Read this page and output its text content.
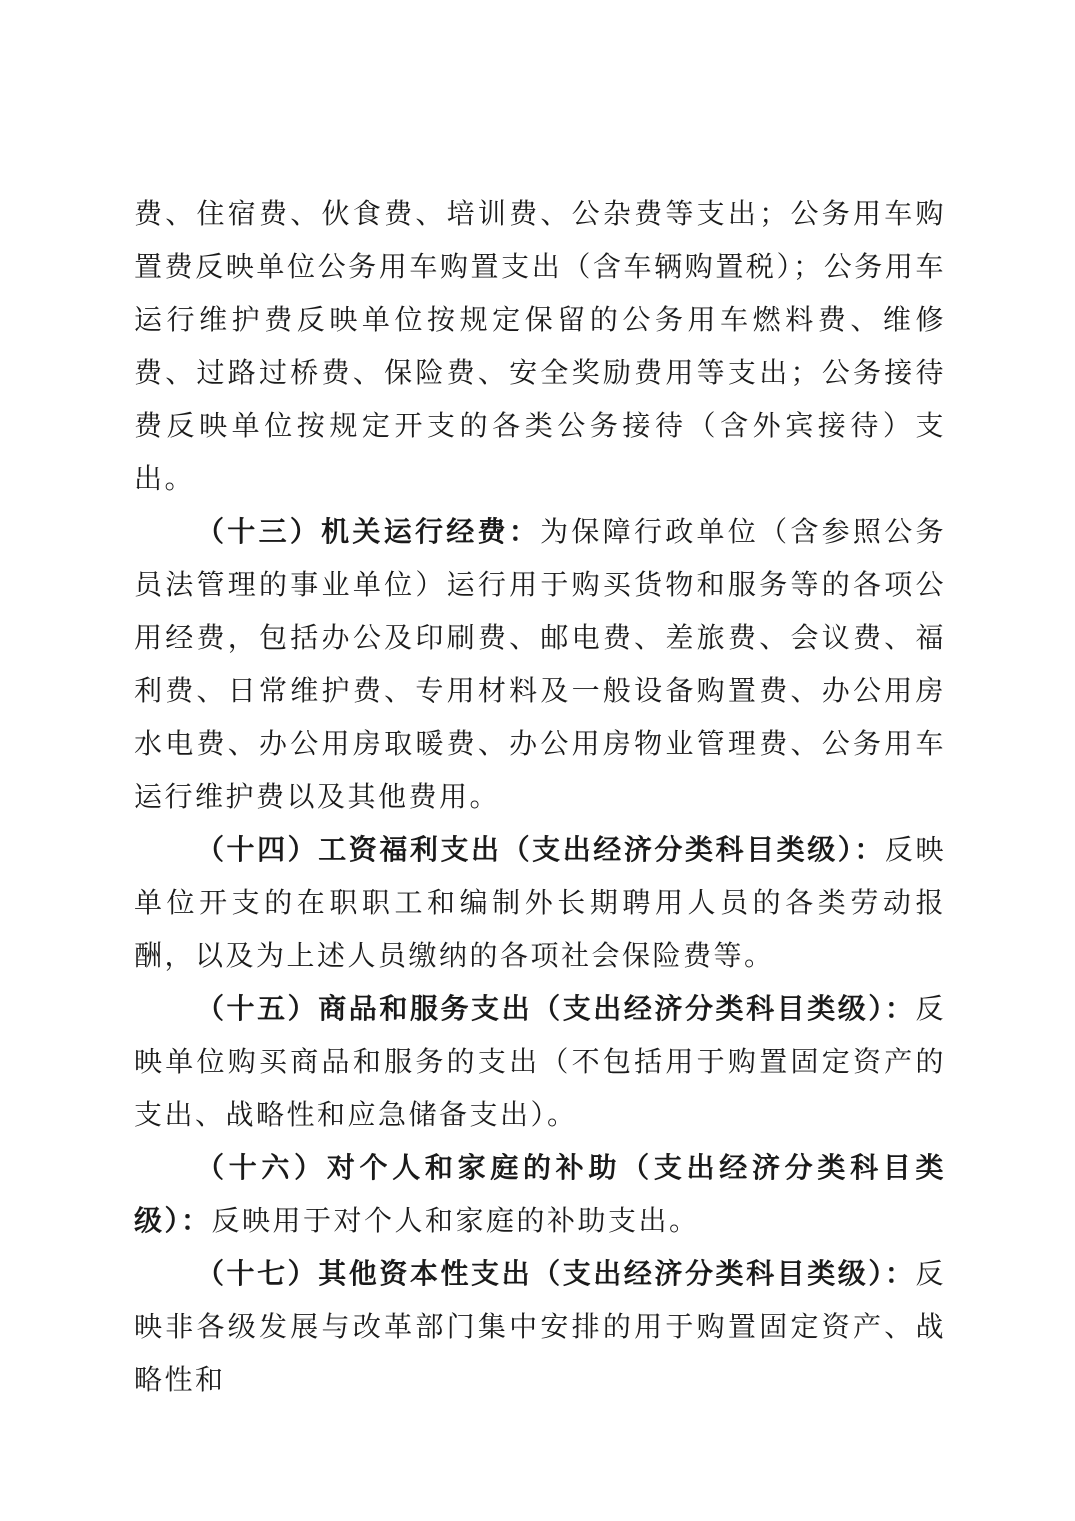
费、住宿费、伙食费、培训费、公杂费等支出；公务用车购置费反映单位公务用车购置支出（含车辆购置税）；公务用车运行维护费反映单位按规定保留的公务用车燃料费、维修费、过路过桥费、保险费、安全奖励费用等支出；公务接待费反映单位按规定开支的各类公务接待（含外宾接待）支出。

（十三）机关运行经费：为保障行政单位（含参照公务员法管理的事业单位）运行用于购买货物和服务等的各项公用经费，包括办公及印刷费、邮电费、差旅费、会议费、福利费、日常维护费、专用材料及一般设备购置费、办公用房水电费、办公用房取暖费、办公用房物业管理费、公务用车运行维护费以及其他费用。

（十四）工资福利支出（支出经济分类科目类级）：反映单位开支的在职职工和编制外长期聘用人员的各类劳动报酬，以及为上述人员缴纳的各项社会保险费等。

（十五）商品和服务支出（支出经济分类科目类级）：反映单位购买商品和服务的支出（不包括用于购置固定资产的支出、战略性和应急储备支出）。

（十六）对个人和家庭的补助（支出经济分类科目类级）：反映用于对个人和家庭的补助支出。

（十七）其他资本性支出（支出经济分类科目类级）：反映非各级发展与改革部门集中安排的用于购置固定资产、战略性和
